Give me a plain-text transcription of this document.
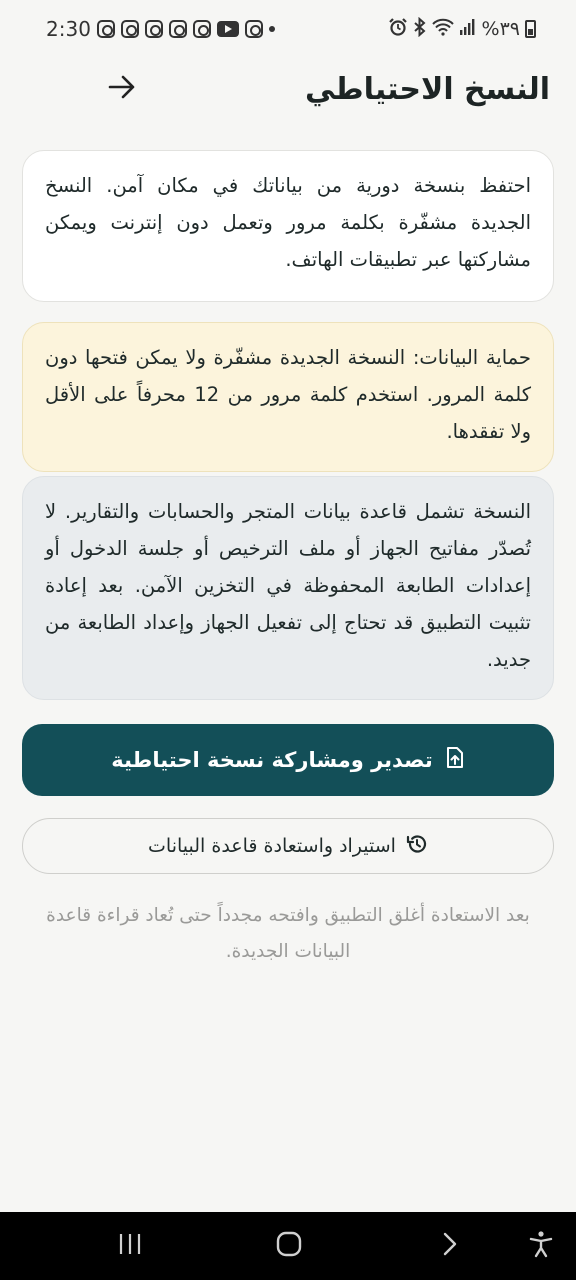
2:30	%٣٩
النسخ الاحتياطي

احتفظ بنسخة دورية من بياناتك في مكان آمن. النسخ الجديدة مشفّرة بكلمة مرور وتعمل دون إنترنت ويمكن مشاركتها عبر تطبيقات الهاتف.

حماية البيانات: النسخة الجديدة مشفّرة ولا يمكن فتحها دون كلمة المرور. استخدم كلمة مرور من 12 محرفاً على الأقل ولا تفقدها.

النسخة تشمل قاعدة بيانات المتجر والحسابات والتقارير. لا تُصدّر مفاتيح الجهاز أو ملف الترخيص أو جلسة الدخول أو إعدادات الطابعة المحفوظة في التخزين الآمن. بعد إعادة تثبيت التطبيق قد تحتاج إلى تفعيل الجهاز وإعداد الطابعة من جديد.

تصدير ومشاركة نسخة احتياطية
استيراد واستعادة قاعدة البيانات
بعد الاستعادة أغلق التطبيق وافتحه مجدداً حتى تُعاد قراءة قاعدة البيانات الجديدة.
